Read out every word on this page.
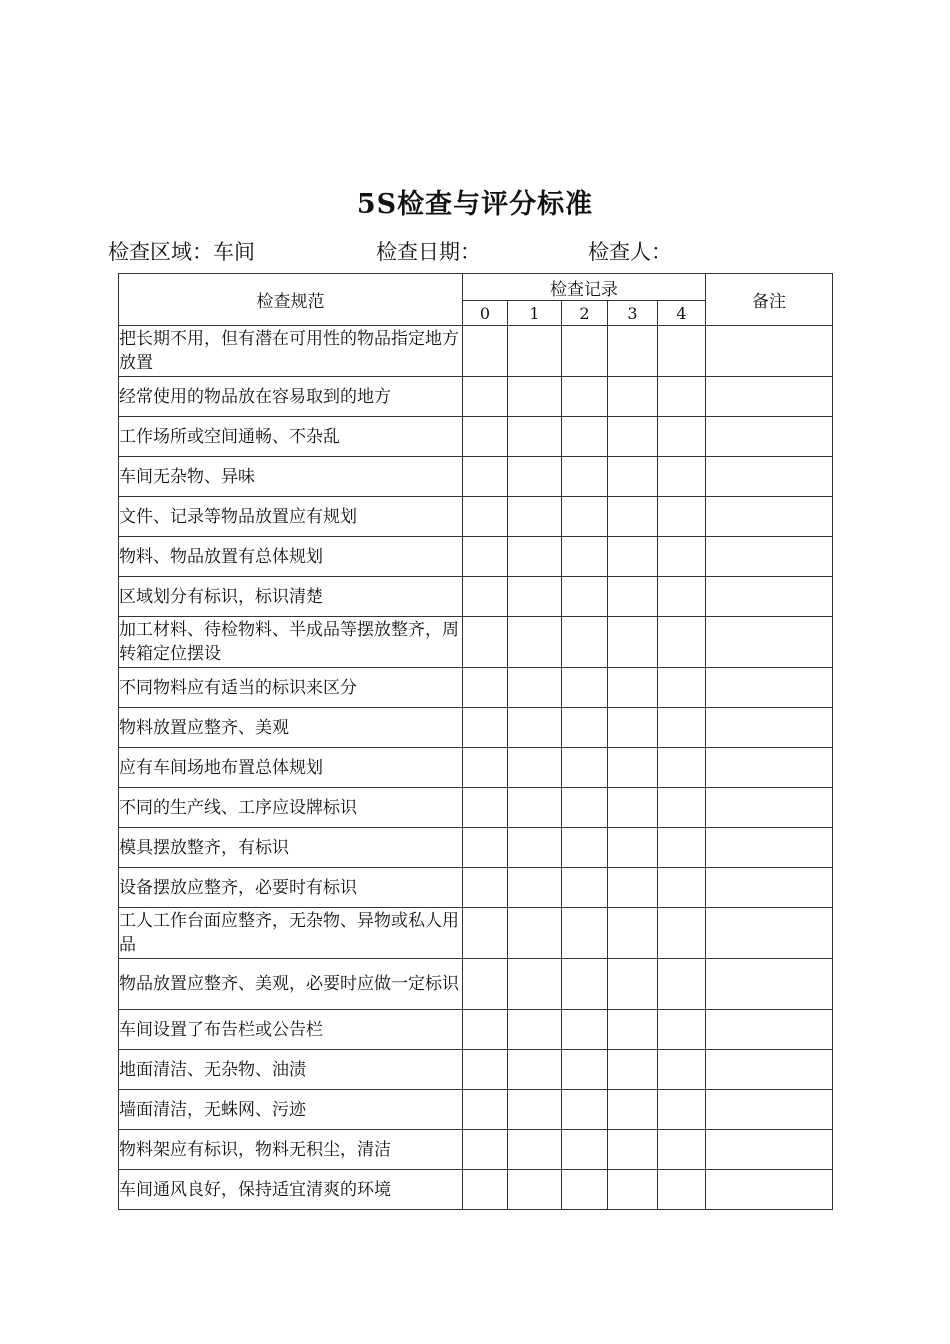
5S检查与评分标准
检查区域：车间	检查日期：	检查人：
检查规范	检查记录					备注
	0	1	2	3	4	
把长期不用，但有潜在可用性的物品指定地方放置						
经常使用的物品放在容易取到的地方						
工作场所或空间通畅、不杂乱						
车间无杂物、异味						
文件、记录等物品放置应有规划						
物料、物品放置有总体规划						
区域划分有标识，标识清楚						
加工材料、待检物料、半成品等摆放整齐，周转箱定位摆设						
不同物料应有适当的标识来区分						
物料放置应整齐、美观						
应有车间场地布置总体规划						
不同的生产线、工序应设牌标识						
模具摆放整齐，有标识						
设备摆放应整齐，必要时有标识						
工人工作台面应整齐，无杂物、异物或私人用品						
物品放置应整齐、美观，必要时应做一定标识						
车间设置了布告栏或公告栏						
地面清洁、无杂物、油渍						
墙面清洁，无蛛网、污迹						
物料架应有标识，物料无积尘，清洁						
车间通风良好，保持适宜清爽的环境						
